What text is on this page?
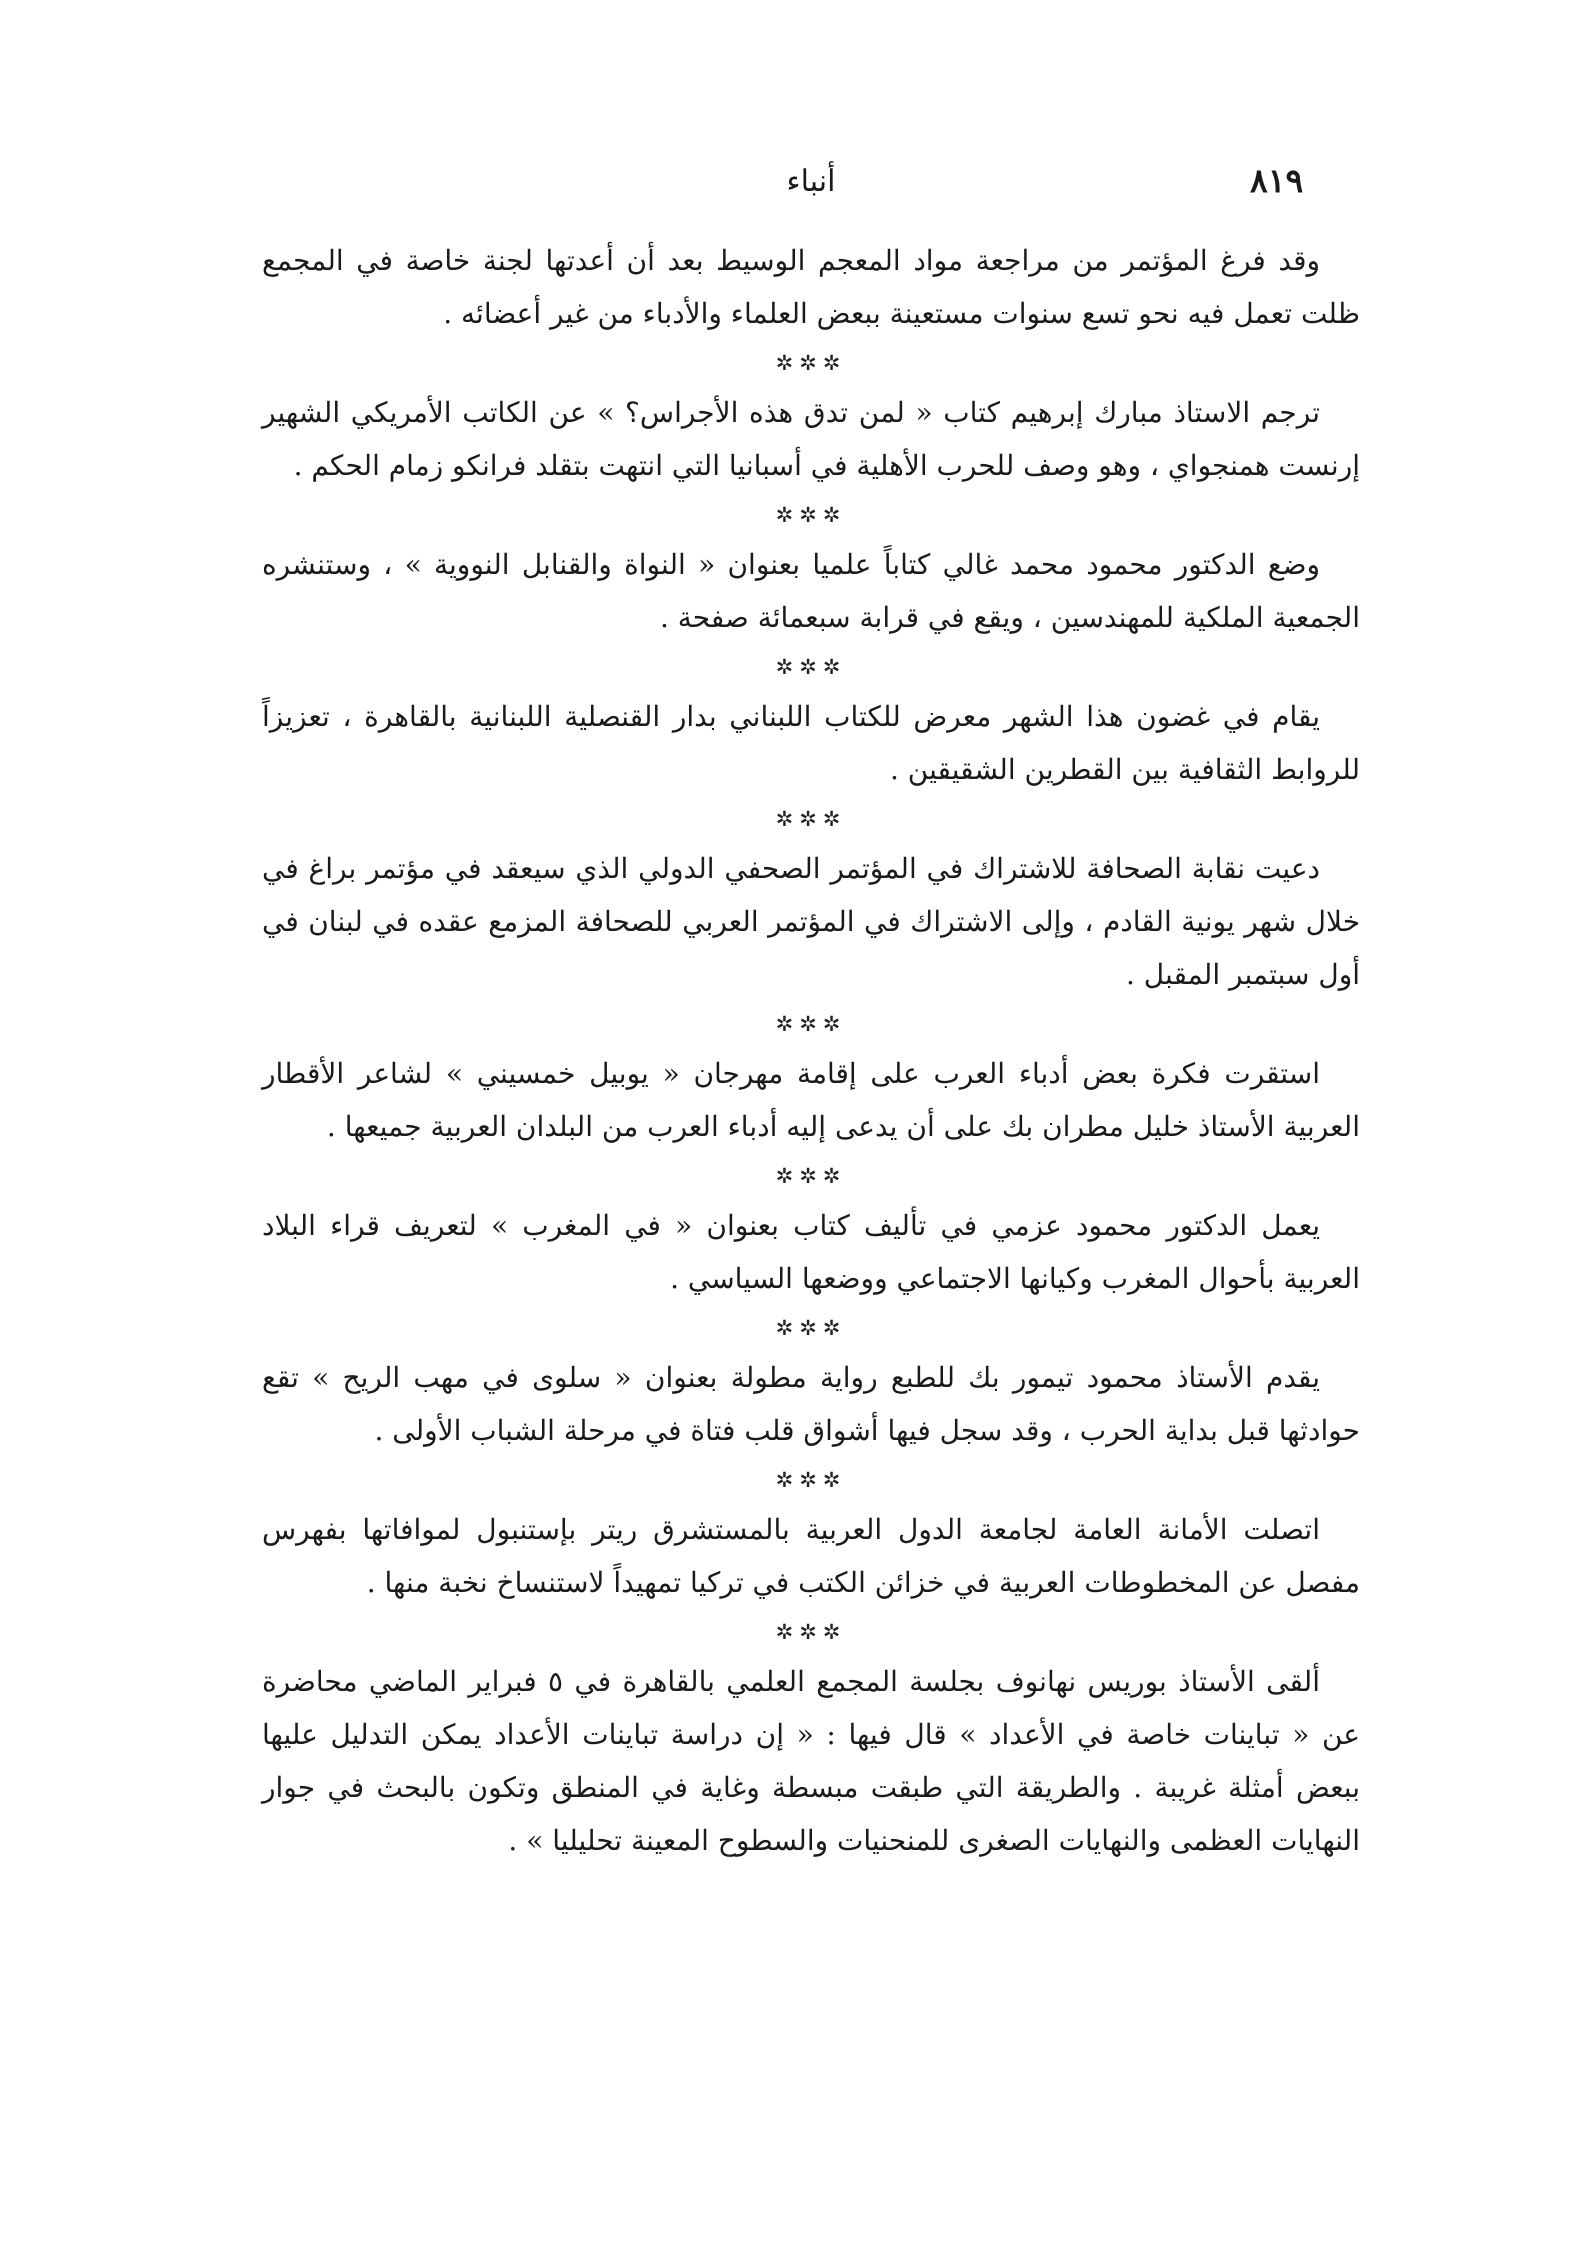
٨١٩
أنباء

وقد فرغ المؤتمر من مراجعة مواد المعجم الوسيط بعد أن أعدتها لجنة خاصة في المجمع ظلت تعمل فيه نحو تسع سنوات مستعينة ببعض العلماء والأدباء من غير أعضائه .

✲✲✲

ترجم الاستاذ مبارك إبرهيم كتاب « لمن تدق هذه الأجراس؟ » عن الكاتب الأمريكي الشهير إرنست همنجواي ، وهو وصف للحرب الأهلية في أسبانيا التي انتهت بتقلد فرانكو زمام الحكم .

✲✲✲

وضع الدكتور محمود محمد غالي كتاباً علميا بعنوان « النواة والقنابل النووية » ، وستنشره الجمعية الملكية للمهندسين ، ويقع في قرابة سبعمائة صفحة .

✲✲✲

يقام في غضون هذا الشهر معرض للكتاب اللبناني بدار القنصلية اللبنانية بالقاهرة ، تعزيزاً للروابط الثقافية بين القطرين الشقيقين .

✲✲✲

دعيت نقابة الصحافة للاشتراك في المؤتمر الصحفي الدولي الذي سيعقد في مؤتمر براغ في خلال شهر يونية القادم ، وإلى الاشتراك في المؤتمر العربي للصحافة المزمع عقده في لبنان في أول سبتمبر المقبل .

✲✲✲

استقرت فكرة بعض أدباء العرب على إقامة مهرجان « يوبيل خمسيني » لشاعر الأقطار العربية الأستاذ خليل مطران بك على أن يدعى إليه أدباء العرب من البلدان العربية جميعها .

✲✲✲

يعمل الدكتور محمود عزمي في تأليف كتاب بعنوان « في المغرب » لتعريف قراء البلاد العربية بأحوال المغرب وكيانها الاجتماعي ووضعها السياسي .

✲✲✲

يقدم الأستاذ محمود تيمور بك للطبع رواية مطولة بعنوان « سلوى في مهب الريح » تقع حوادثها قبل بداية الحرب ، وقد سجل فيها أشواق قلب فتاة في مرحلة الشباب الأولى .

✲✲✲

اتصلت الأمانة العامة لجامعة الدول العربية بالمستشرق ريتر بإستنبول لموافاتها بفهرس مفصل عن المخطوطات العربية في خزائن الكتب في تركيا تمهيداً لاستنساخ نخبة منها .

✲✲✲

ألقى الأستاذ بوريس نهانوف بجلسة المجمع العلمي بالقاهرة في ٥ فبراير الماضي محاضرة عن « تباينات خاصة في الأعداد » قال فيها : « إن دراسة تباينات الأعداد يمكن التدليل عليها ببعض أمثلة غريبة . والطريقة التي طبقت مبسطة وغاية في المنطق وتكون بالبحث في جوار النهايات العظمى والنهايات الصغرى للمنحنيات والسطوح المعينة تحليليا » .
